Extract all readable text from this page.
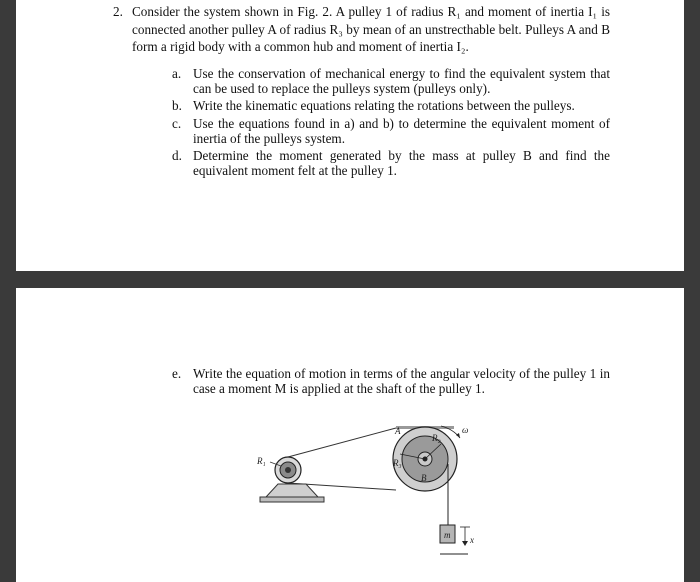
2. Consider the system shown in Fig. 2. A pulley 1 of radius R₁ and moment of inertia I₁ is connected another pulley A of radius R₃ by mean of an unstrecthable belt. Pulleys A and B form a rigid body with a common hub and moment of inertia I₂.
a. Use the conservation of mechanical energy to find the equivalent system that can be used to replace the pulleys system (pulleys only).
b. Write the kinematic equations relating the rotations between the pulleys.
c. Use the equations found in a) and b) to determine the equivalent moment of inertia of the pulleys system.
d. Determine the moment generated by the mass at pulley B and find the equivalent moment felt at the pulley 1.
e. Write the equation of motion in terms of the angular velocity of the pulley 1 in case a moment M is applied at the shaft of the pulley 1.
R₁
R₂
R₃
A
B
ω
m x
